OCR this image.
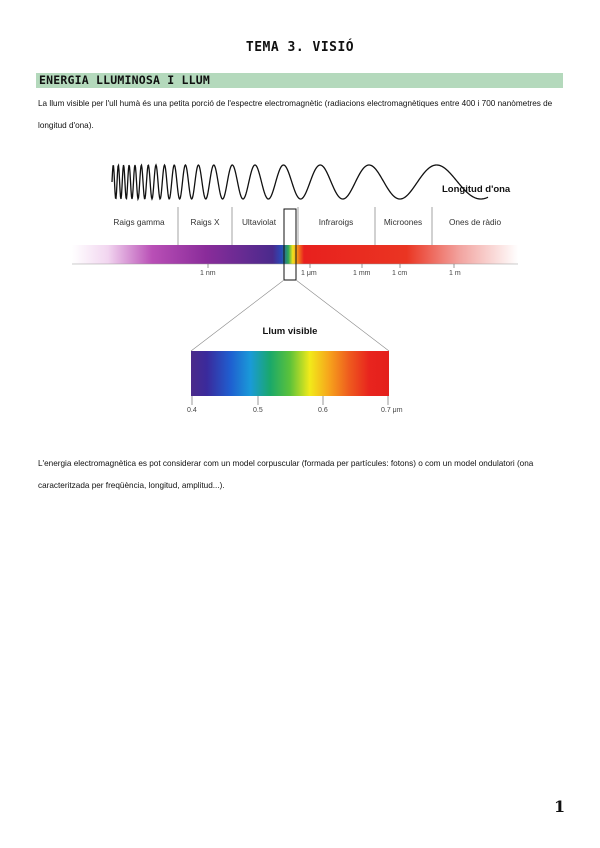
TEMA 3. VISIÓ
ENERGIA LLUMINOSA I LLUM
La llum visible per l'ull humà és una petita porció de l'espectre electromagnètic (radiacions electromagnètiques entre 400 i 700 nanòmetres de longitud d'ona).
Longitud d'ona
Raigs gamma	Raigs X	Ultaviolat	Infraroigs	Microones	Ones de ràdio
1 nm	1 μm	1 mm	1 cm	1 m
Llum visible
0.4	0.5	0.6	0.7 μm
L'energia electromagnètica es pot considerar com un model corpuscular (formada per partícules: fotons) o com un model ondulatori (ona caracteritzada per freqüència, longitud, amplitud...).
1
